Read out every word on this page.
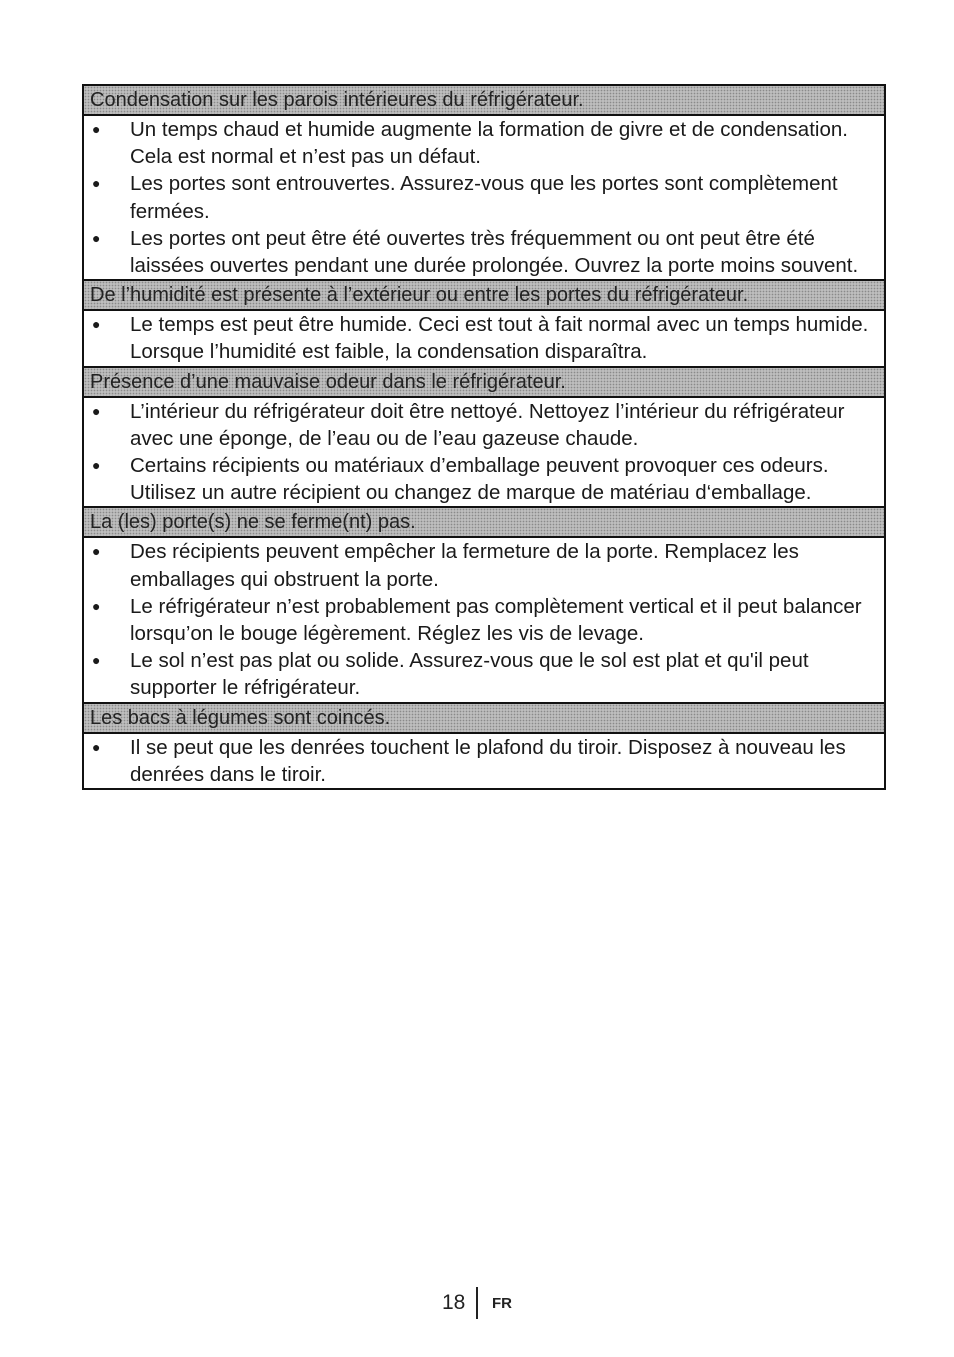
Condensation sur les parois intérieures du réfrigérateur.
● Un temps chaud et humide augmente la formation de givre et de condensation. Cela est normal et n’est pas un défaut.
● Les portes sont entrouvertes. Assurez-vous que les portes sont complètement fermées.
● Les portes ont peut être été ouvertes très fréquemment ou ont peut être été laissées ouvertes pendant une durée prolongée. Ouvrez la porte moins souvent.
De l’humidité est présente à l’extérieur ou entre les portes du réfrigérateur.
● Le temps est peut être humide. Ceci est tout à fait normal avec un temps humide. Lorsque l’humidité est faible, la condensation disparaîtra.
Présence d’une mauvaise odeur dans le réfrigérateur.
● L’intérieur du réfrigérateur doit être nettoyé. Nettoyez l’intérieur du réfrigérateur avec une éponge, de l’eau ou de l’eau gazeuse chaude.
● Certains récipients ou matériaux d’emballage peuvent provoquer ces odeurs. Utilisez un autre récipient ou changez de marque de matériau d‘emballage.
La (les) porte(s) ne se ferme(nt) pas.
● Des récipients peuvent empêcher la fermeture de la porte. Remplacez les emballages qui obstruent la porte.
● Le réfrigérateur n’est probablement pas complètement vertical et il peut balancer lorsqu’on le bouge légèrement. Réglez les vis de levage.
● Le sol n’est pas plat ou solide. Assurez-vous que le sol est plat et qu'il peut supporter le réfrigérateur.
Les bacs à légumes sont coincés.
● Il se peut que les denrées touchent le plafond du tiroir. Disposez à nouveau les denrées dans le tiroir.
18 FR
